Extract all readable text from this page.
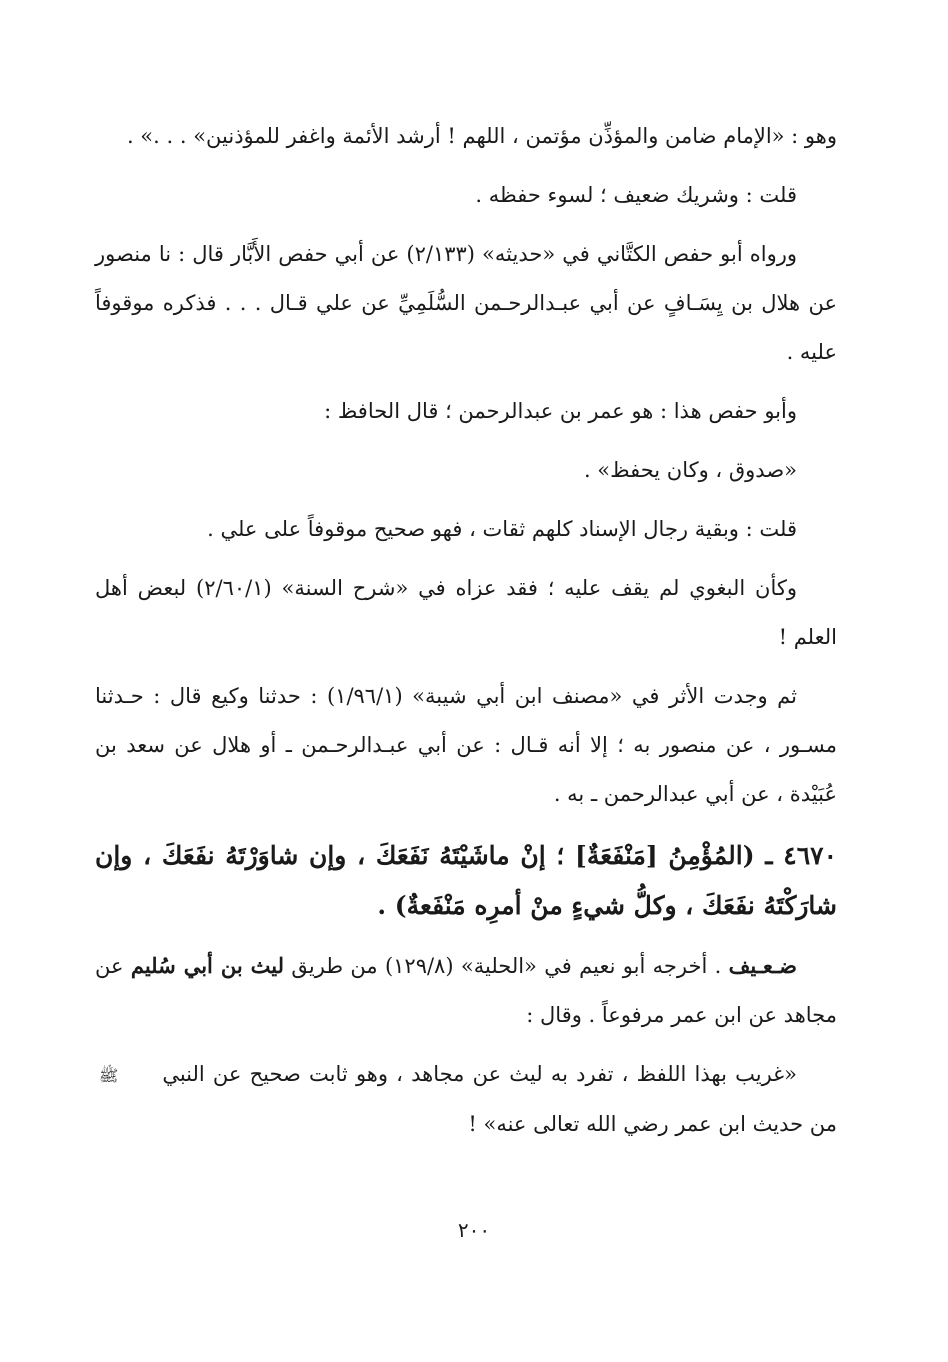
وهو : «الإمام ضامن والمؤذِّن مؤتمن ، اللهم ! أرشد الأئمة واغفر للمؤذنين» . . .» .

قلت : وشريك ضعيف ؛ لسوء حفظه .

ورواه أبو حفص الكتَّاني في «حديثه» (٢/١٣٣) عن أبي حفص الأَبَّار قال : نا منصور عن هلال بن يِسَـافٍ عن أبي عبـدالرحـمن السُّلَمِيِّ عن علي قـال . . . فذكره موقوفاً عليه .

وأبو حفص هذا : هو عمر بن عبدالرحمن ؛ قال الحافظ :

«صدوق ، وكان يحفظ» .

قلت : وبقية رجال الإسناد كلهم ثقات ، فهو صحيح موقوفاً على علي .

وكأن البغوي لم يقف عليه ؛ فقد عزاه في «شرح السنة» (٢/٦٠/١) لبعض أهل العلم !

ثم وجدت الأثر في «مصنف ابن أبي شيبة» (١/٩٦/١) : حدثنا وكيع قال : حـدثنا مسـور ، عن منصور به ؛ إلا أنه قـال : عن أبي عبـدالرحـمن ـ أو هلال عن سعد بن عُبَيْدة ، عن أبي عبدالرحمن ـ به .

٤٦٧٠ ـ (المُؤْمِنُ [مَنْفَعَةٌ] ؛ إنْ ماشَيْتَهُ نَفَعَكَ ، وإن شاوَرْتَهُ نفَعَكَ ، وإن شارَكْتَهُ نفَعَكَ ، وكلُّ شيءٍ منْ أمرِه مَنْفَعةٌ) .

ضـعـيف . أخرجه أبو نعيم في «الحلية» (١٢٩/٨) من طريق ليث بن أبي سُليم عن مجاهد عن ابن عمر مرفوعاً . وقال :

«غريب بهذا اللفظ ، تفرد به ليث عن مجاهد ، وهو ثابت صحيح عن النبيﷺمن حديث ابن عمر رضي الله تعالى عنه» !

٢٠٠
